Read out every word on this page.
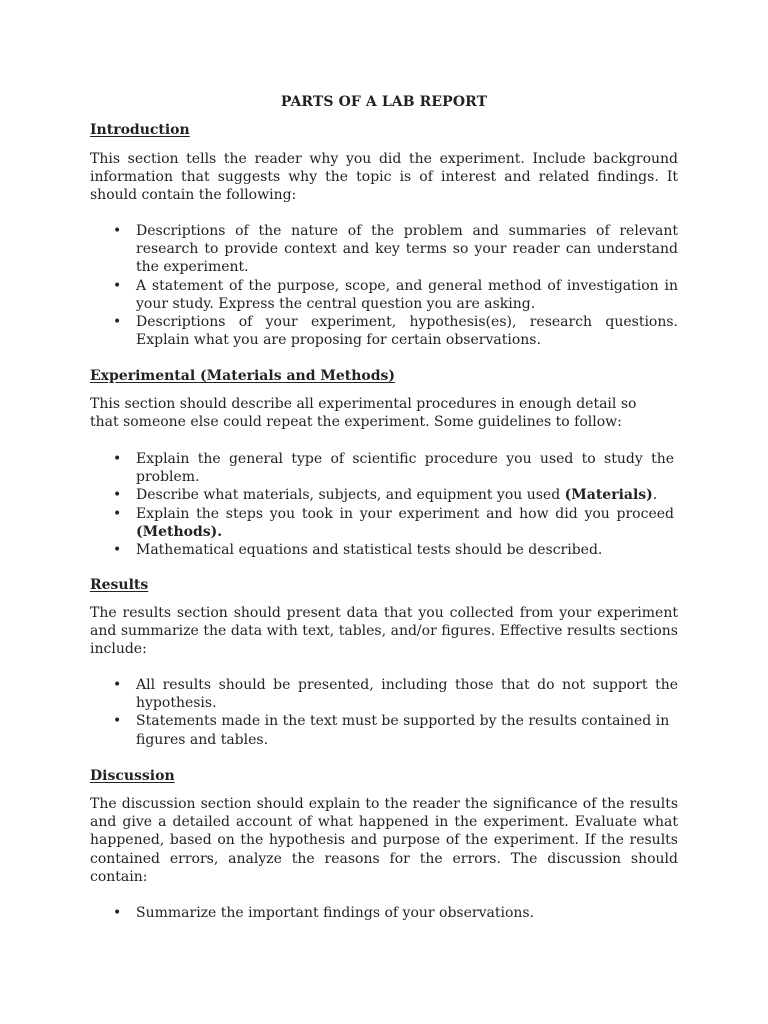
PARTS OF A LAB REPORT
Introduction

This section tells the reader why you did the experiment. Include background information that suggests why the topic is of interest and related findings. It should contain the following:

• Descriptions of the nature of the problem and summaries of relevant research to provide context and key terms so your reader can understand the experiment.
• A statement of the purpose, scope, and general method of investigation in your study. Express the central question you are asking.
• Descriptions of your experiment, hypothesis(es), research questions. Explain what you are proposing for certain observations.
Experimental (Materials and Methods)

This section should describe all experimental procedures in enough detail so that someone else could repeat the experiment. Some guidelines to follow:

• Explain the general type of scientific procedure you used to study the problem.
• Describe what materials, subjects, and equipment you used (Materials).
• Explain the steps you took in your experiment and how did you proceed (Methods).
• Mathematical equations and statistical tests should be described.
Results

The results section should present data that you collected from your experiment and summarize the data with text, tables, and/or figures. Effective results sections include:

• All results should be presented, including those that do not support the hypothesis.
• Statements made in the text must be supported by the results contained in figures and tables.
Discussion

The discussion section should explain to the reader the significance of the results and give a detailed account of what happened in the experiment. Evaluate what happened, based on the hypothesis and purpose of the experiment. If the results contained errors, analyze the reasons for the errors. The discussion should contain:

• Summarize the important findings of your observations.
